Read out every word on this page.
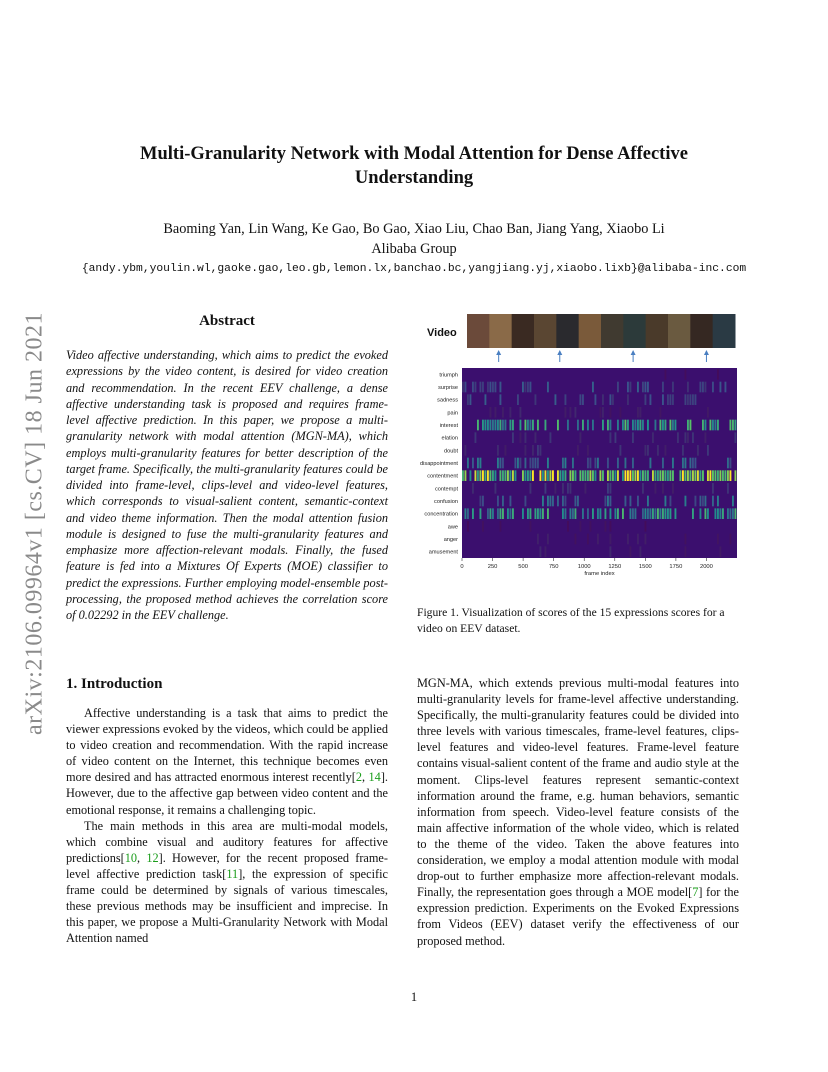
Multi-Granularity Network with Modal Attention for Dense Affective
Understanding
Baoming Yan, Lin Wang, Ke Gao, Bo Gao, Xiao Liu, Chao Ban, Jiang Yang, Xiaobo Li
Alibaba Group
{andy.ybm,youlin.wl,gaoke.gao,leo.gb,lemon.lx,banchao.bc,yangjiang.yj,xiaobo.lixb}@alibaba-inc.com
arXiv:2106.09964v1 [cs.CV] 18 Jun 2021	Abstract
Video affective understanding, which aims to predict the evoked expressions by the video content, is desired for video creation and recommendation. In the recent EEV challenge, a dense affective understanding task is proposed and requires frame-level affective prediction. In this paper, we propose a multi-granularity network with modal attention (MGN-MA), which employs multi-granularity features for better description of the target frame. Specifically, the multi-granularity features could be divided into frame-level, clips-level and video-level features, which corresponds to visual-salient content, semantic-context and video theme information. Then the modal attention fusion module is designed to fuse the multi-granularity features and emphasize more affection-relevant modals. Finally, the fused feature is fed into a Mixtures Of Experts (MOE) classifier to predict the expressions. Further employing model-ensemble post-processing, the proposed method achieves the correlation score of 0.02292 in the EEV challenge.
Video
triumph
surprise
sadness
pain
interest
elation
doubt
disappointment
contentment
contempt
confusion
concentration
awe
anger
amusement
0	250	500	750	1000	1250	1500	1750	2000
frame index
Figure 1. Visualization of scores of the 15 expressions scores for a video on EEV dataset.
1. Introduction

Affective understanding is a task that aims to predict the viewer expressions evoked by the videos, which could be applied to video creation and recommendation. With the rapid increase of video content on the Internet, this technique becomes even more desired and has attracted enormous interest recently[2, 14]. However, due to the affective gap between video content and the emotional response, it remains a challenging topic.

The main methods in this area are multi-modal models, which combine visual and auditory features for affective predictions[10, 12]. However, for the recent proposed frame-level affective prediction task[11], the expression of specific frame could be determined by signals of various timescales, these previous methods may be insufficient and imprecise. In this paper, we propose a Multi-Granularity Network with Modal Attention named

MGN-MA, which extends previous multi-modal features into multi-granularity levels for frame-level affective understanding. Specifically, the multi-granularity features could be divided into three levels with various timescales, frame-level features, clips-level features and video-level features. Frame-level feature contains visual-salient content of the frame and audio style at the moment. Clips-level features represent semantic-context information around the frame, e.g. human behaviors, semantic information from speech. Video-level feature consists of the main affective information of the whole video, which is related to the theme of the video. Taken the above features into consideration, we employ a modal attention module with modal drop-out to further emphasize more affection-relevant modals. Finally, the representation goes through a MOE model[7] for the expression prediction. Experiments on the Evoked Expressions from Videos (EEV) dataset verify the effectiveness of our proposed method.

1
